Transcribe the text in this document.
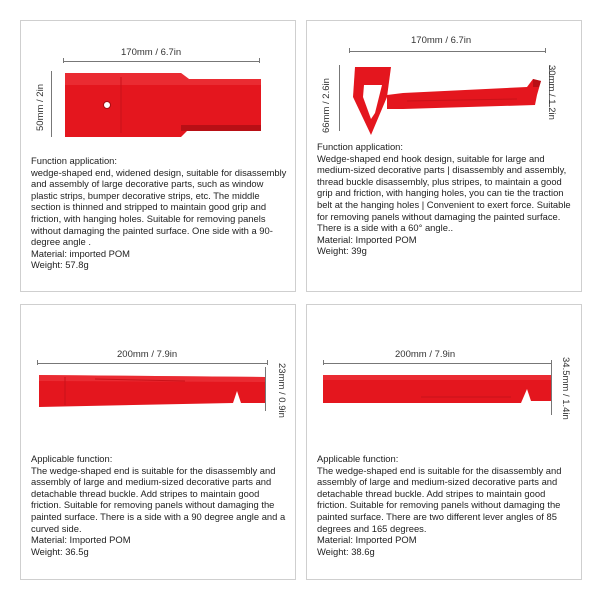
170mm / 6.7in
50mm / 2in

Function application:

wedge-shaped end, widened design, suitable for disassembly and assembly of large decorative parts, such as window plastic strips, bumper decorative strips, etc. The middle section is thinned and stripped to maintain good grip and friction, with hanging holes. Suitable for removing panels without damaging the painted surface. One side with a 90-degree angle .

Material: imported POM

Weight: 57.8g

170mm / 6.7in
66mm / 2.6in	30mm / 1.2in

Function application:

Wedge-shaped end hook design, suitable for large and medium-sized decorative parts | disassembly and assembly, thread buckle disassembly, plus stripes, to maintain a good grip and friction, with hanging holes, you can tie the traction belt at the hanging holes | Convenient to exert force. Suitable for removing panels without damaging the painted surface. There is a side with a 60° angle..

Material: Imported POM

Weight: 39g

200mm / 7.9in
23mm / 0.9in

Applicable function:

The wedge-shaped end is suitable for the disassembly and assembly of large and medium-sized decorative parts and detachable thread buckle. Add stripes to maintain good friction. Suitable for removing panels without damaging the painted surface. There is a side with a 90 degree angle and a curved side.

Material: Imported POM

Weight: 36.5g

200mm / 7.9in
34.5mm / 1.4in

Applicable function:

The wedge-shaped end is suitable for the disassembly and assembly of large and medium-sized decorative parts and detachable thread buckle. Add stripes to maintain good friction. Suitable for removing panels without damaging the painted surface. There are two different lever angles of 85 degrees and 165 degrees.

Material: Imported POM

Weight: 38.6g
